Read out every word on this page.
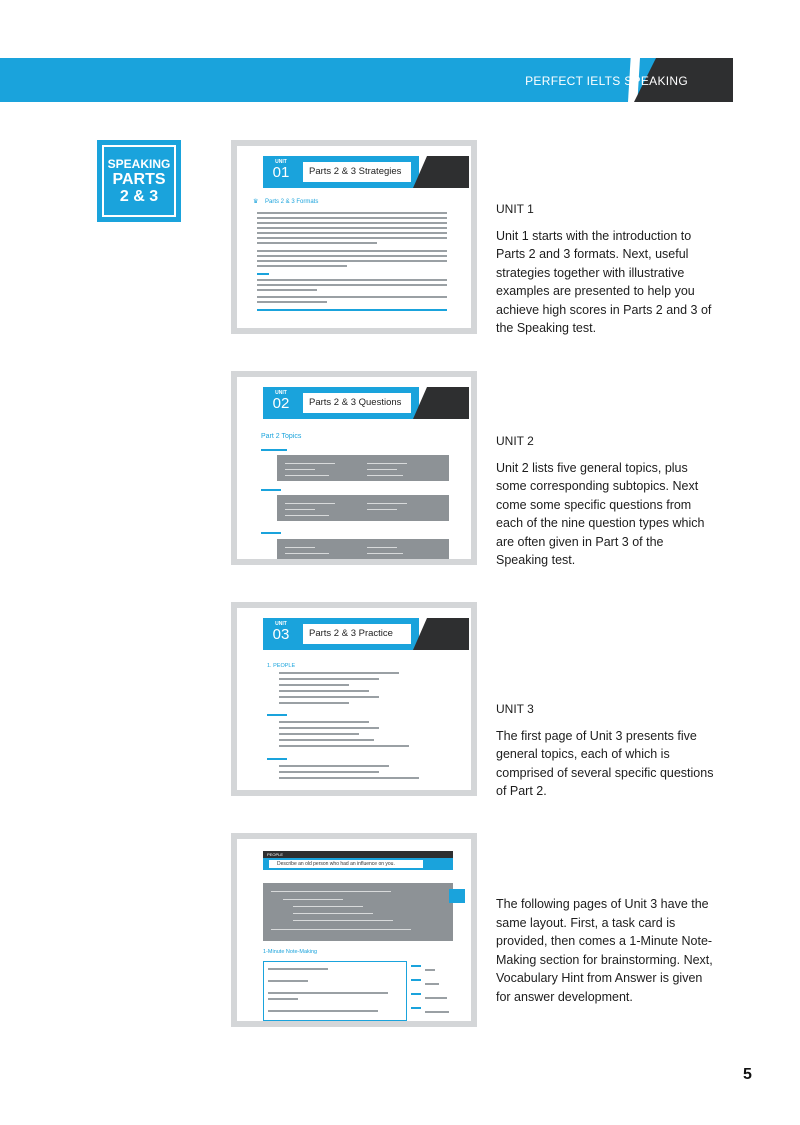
PERFECT IELTS SPEAKING
SPEAKING
PARTS
2 & 3
UNIT
01	Parts 2 & 3 Strategies
♛ Parts 2 & 3 Formats
UNIT
02	Parts 2 & 3 Questions
Part 2 Topics
UNIT
03	Parts 2 & 3 Practice
1. PEOPLE
PEOPLE
Describe an old person who had an influence on you.
1-Minute Note-Making
UNIT 1
Unit 1 starts with the introduction to Parts 2 and 3 formats. Next, useful strategies together with illustrative examples are presented to help you achieve high scores in Parts 2 and 3 of the Speaking test.
UNIT 2
Unit 2 lists five general topics, plus some corresponding subtopics. Next come some specific questions from each of the nine question types which are often given in Part 3 of the Speaking test.
UNIT 3
The first page of Unit 3 presents five general topics, each of which is comprised of several specific questions of Part 2.
The following pages of Unit 3 have the same layout. First, a task card is provided, then comes a 1-Minute Note-Making section for brainstorming. Next, Vocabulary Hint from Answer is given for answer development.
5
